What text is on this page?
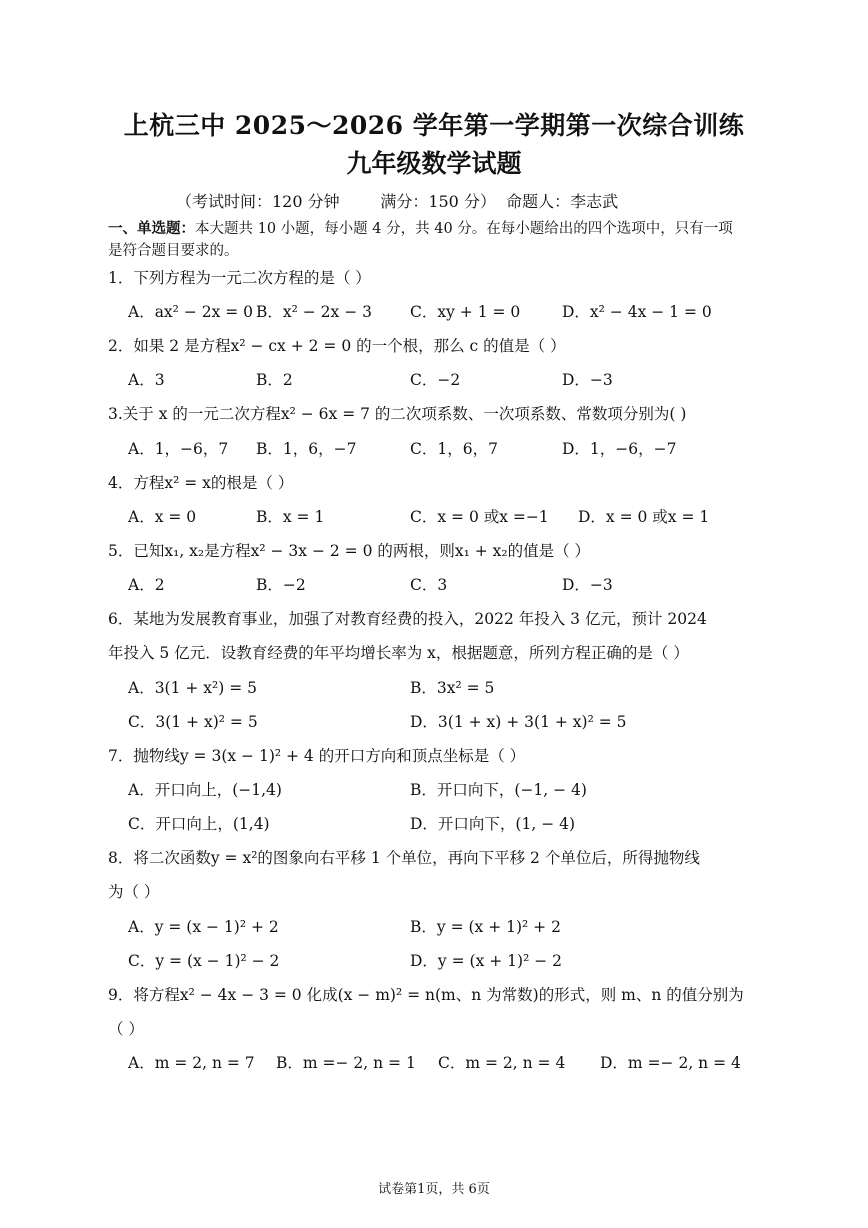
上杭三中 2025～2026 学年第一学期第一次综合训练
九年级数学试题
（考试时间：120 分钟        满分：150 分）  命题人：李志武
一、单选题：本大题共 10 小题，每小题 4 分，共 40 分。在每小题给出的四个选项中，只有一项
是符合题目要求的。
1．下列方程为一元二次方程的是（ ）
A．ax² − 2x = 0 B．x² − 2x − 3 C．xy + 1 = 0	D．x² − 4x − 1 = 0
2．如果 2 是方程x² − cx + 2 = 0 的一个根，那么 c 的值是（ ）
A．3	B．2	C．−2	D．−3
3.关于 x 的一元二次方程x² − 6x = 7 的二次项系数、一次项系数、常数项分别为( )
A．1，−6，7 B．1，6，−7	C．1，6，7	D．1，−6，−7
4．方程x² = x的根是（ ）
A．x = 0	B．x = 1	C．x = 0 或x =−1 D．x = 0 或x = 1
5．已知x₁, x₂是方程x² − 3x − 2 = 0 的两根，则x₁ + x₂的值是（ ）
A．2	B．−2	C．3	D．−3
6．某地为发展教育事业，加强了对教育经费的投入，2022 年投入 3 亿元，预计 2024
年投入 5 亿元．设教育经费的年平均增长率为 x，根据题意，所列方程正确的是（ ）
A．3(1 + x²) = 5	B．3x² = 5
C．3(1 + x)² = 5	D．3(1 + x) + 3(1 + x)² = 5
7．抛物线y = 3(x − 1)² + 4 的开口方向和顶点坐标是（ ）
A．开口向上，(−1,4)	B．开口向下，(−1, − 4)
C．开口向上，(1,4)	D．开口向下，(1, − 4)
8．将二次函数y = x²的图象向右平移 1 个单位，再向下平移 2 个单位后，所得抛物线
为（ ）
A．y = (x − 1)² + 2	B．y = (x + 1)² + 2
C．y = (x − 1)² − 2	D．y = (x + 1)² − 2
9．将方程x² − 4x − 3 = 0 化成(x − m)² = n(m、n 为常数)的形式，则 m、n 的值分别为
（ ）
A．m = 2, n = 7 B．m =− 2, n = 1 C．m = 2, n = 4 D．m =− 2, n = 4
试卷第1页，共 6页
